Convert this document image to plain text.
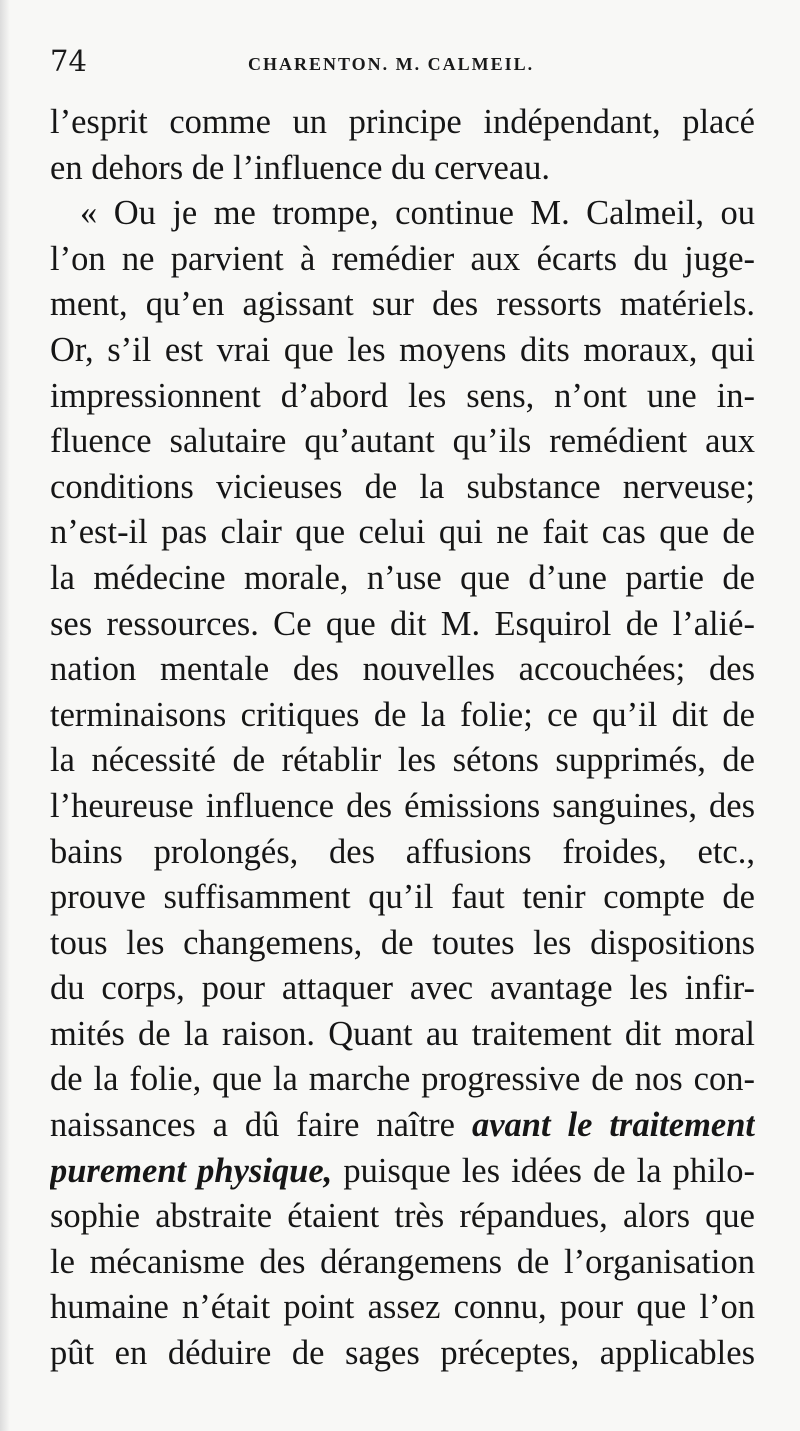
74	CHARENTON. M. CALMEIL.
l’esprit comme un principe indépendant, placé
en dehors de l’influence du cerveau.
« Ou je me trompe, continue M. Calmeil, ou
l’on ne parvient à remédier aux écarts du juge-
ment, qu’en agissant sur des ressorts matériels.
Or, s’il est vrai que les moyens dits moraux, qui
impressionnent d’abord les sens, n’ont une in-
fluence salutaire qu’autant qu’ils remédient aux
conditions vicieuses de la substance nerveuse;
n’est-il pas clair que celui qui ne fait cas que de
la médecine morale, n’use que d’une partie de
ses ressources. Ce que dit M. Esquirol de l’alié-
nation mentale des nouvelles accouchées; des
terminaisons critiques de la folie; ce qu’il dit de
la nécessité de rétablir les sétons supprimés, de
l’heureuse influence des émissions sanguines, des
bains prolongés, des affusions froides, etc.,
prouve suffisamment qu’il faut tenir compte de
tous les changemens, de toutes les dispositions
du corps, pour attaquer avec avantage les infir-
mités de la raison. Quant au traitement dit moral
de la folie, que la marche progressive de nos con-
naissances a dû faire naître avant le traitement
purement physique, puisque les idées de la philo-
sophie abstraite étaient très répandues, alors que
le mécanisme des dérangemens de l’organisation
humaine n’était point assez connu, pour que l’on
pût en déduire de sages préceptes, applicables
